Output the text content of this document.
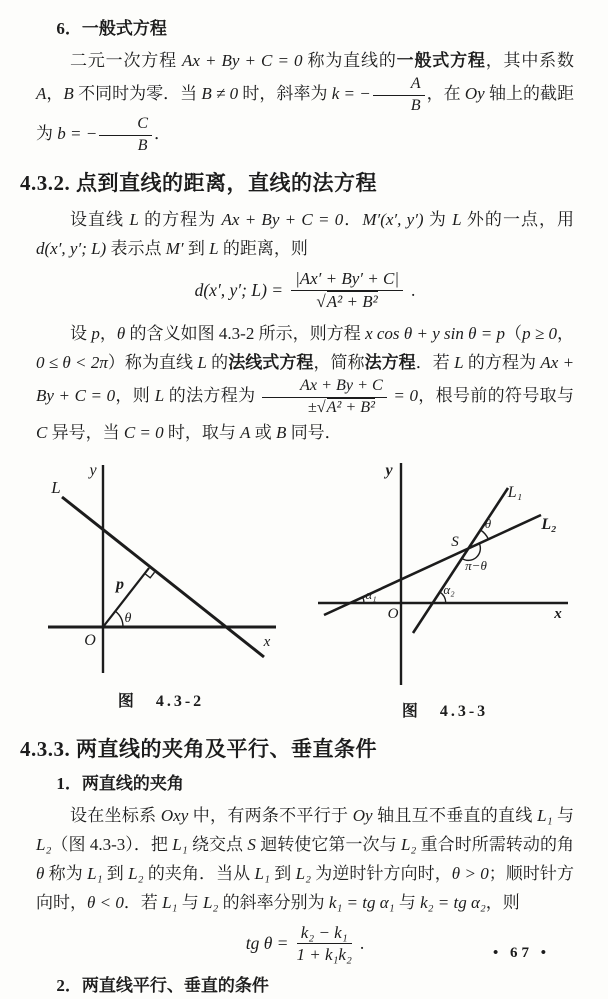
6．一般式方程

二元一次方程 Ax + By + C = 0 称为直线的一般式方程，其中系数 A，B 不同时为零．当 B ≠ 0 时，斜率为 k = − $\frac{A}{B}$ ，在 Oy 轴上的截距为 b = − $\frac{C}{B}$ ．

4.3.2. 点到直线的距离，直线的法方程

设直线 L 的方程为 Ax + By + C = 0．M′(x′, y′) 为 L 外的一点，用 d(x′, y′; L) 表示点 M′ 到 L 的距离，则

d(x′, y′; $L) = \frac{|Ax' + By' + C|}{\text{√A² + B²}}$ .

设 p，θ 的含义如图 4.3-2 所示，则方程 x cos θ + y sin θ = p（p ≥ 0，0 ≤ θ < 2π）称为直线 L 的法线式方程，简称法方程．若 L 的方程为 Ax + By + C = 0，则 L 的法方程为 $\frac{Ax + By + C}{\text{±√A² + B²}} = 0$，根号前的符号取与 C 异号，当 C = 0 时，取与 A 或 B 同号．

y
L
p
θ
O	x
图　4.3-2
y
L₁
L₂
S
θ
π−θ
α₁	α₂
O	x
图　4.3-3
4.3.3. 两直线的夹角及平行、垂直条件
1．两直线的夹角

设在坐标系 Oxy 中，有两条不平行于 Oy 轴且互不垂直的直线 L₁ 与 L₂（图 4.3-3）．把 L₁ 绕交点 S 迴转使它第一次与 L₂ 重合时所需转动的角 θ 称为 L₁ 到 L₂ 的夹角．当从 L₁ 到 L₂ 为逆时针方向时，θ > 0；顺时针方向时，θ < 0．若 L₁ 与 L₂ 的斜率分别为 k₁ = tg α₁ 与 k₂ = tg α₂，则

tg $\theta = \frac{\text{k₂ − k₁}}{\text{1 + k₁k₂}}$ .
2．两直线平行、垂直的条件
• 67 •
